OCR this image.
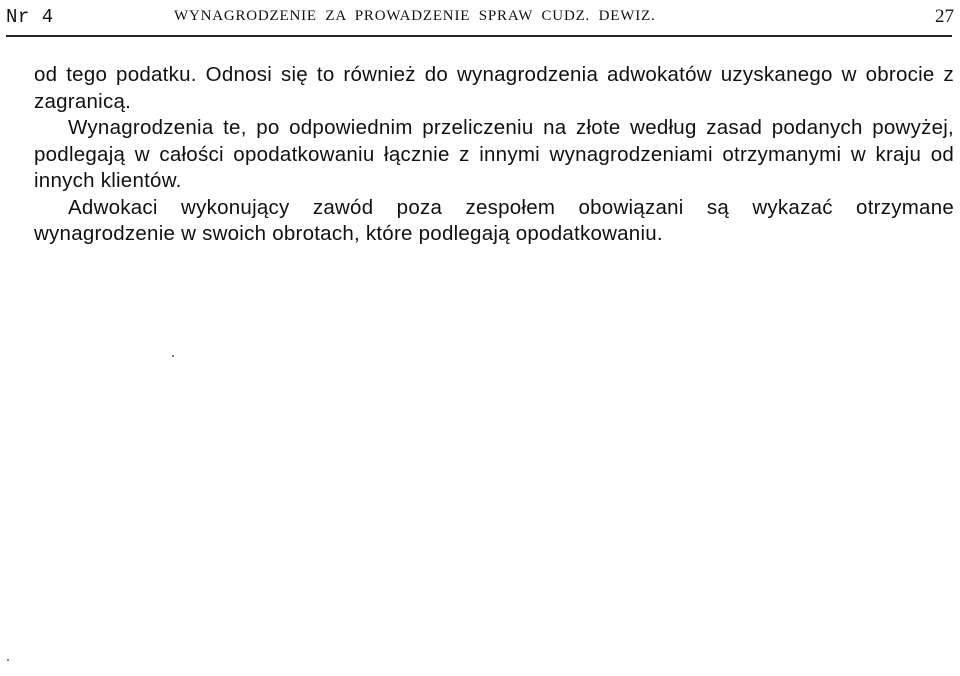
Nr 4	WYNAGRODZENIE ZA PROWADZENIE SPRAW CUDZ. DEWIZ.	27

od tego podatku. Odnosi się to również do wynagrodzenia adwokatów uzyskanego w obrocie z zagranicą.

Wynagrodzenia te, po odpowiednim przeliczeniu na złote według zasad podanych powyżej, podlegają w całości opodatkowaniu łącznie z innymi wynagrodzeniami otrzymanymi w kraju od innych klientów.

Adwokaci wykonujący zawód poza zespołem obowiązani są wykazać otrzymane wynagrodzenie w swoich obrotach, które podlegają opodatkowaniu.
